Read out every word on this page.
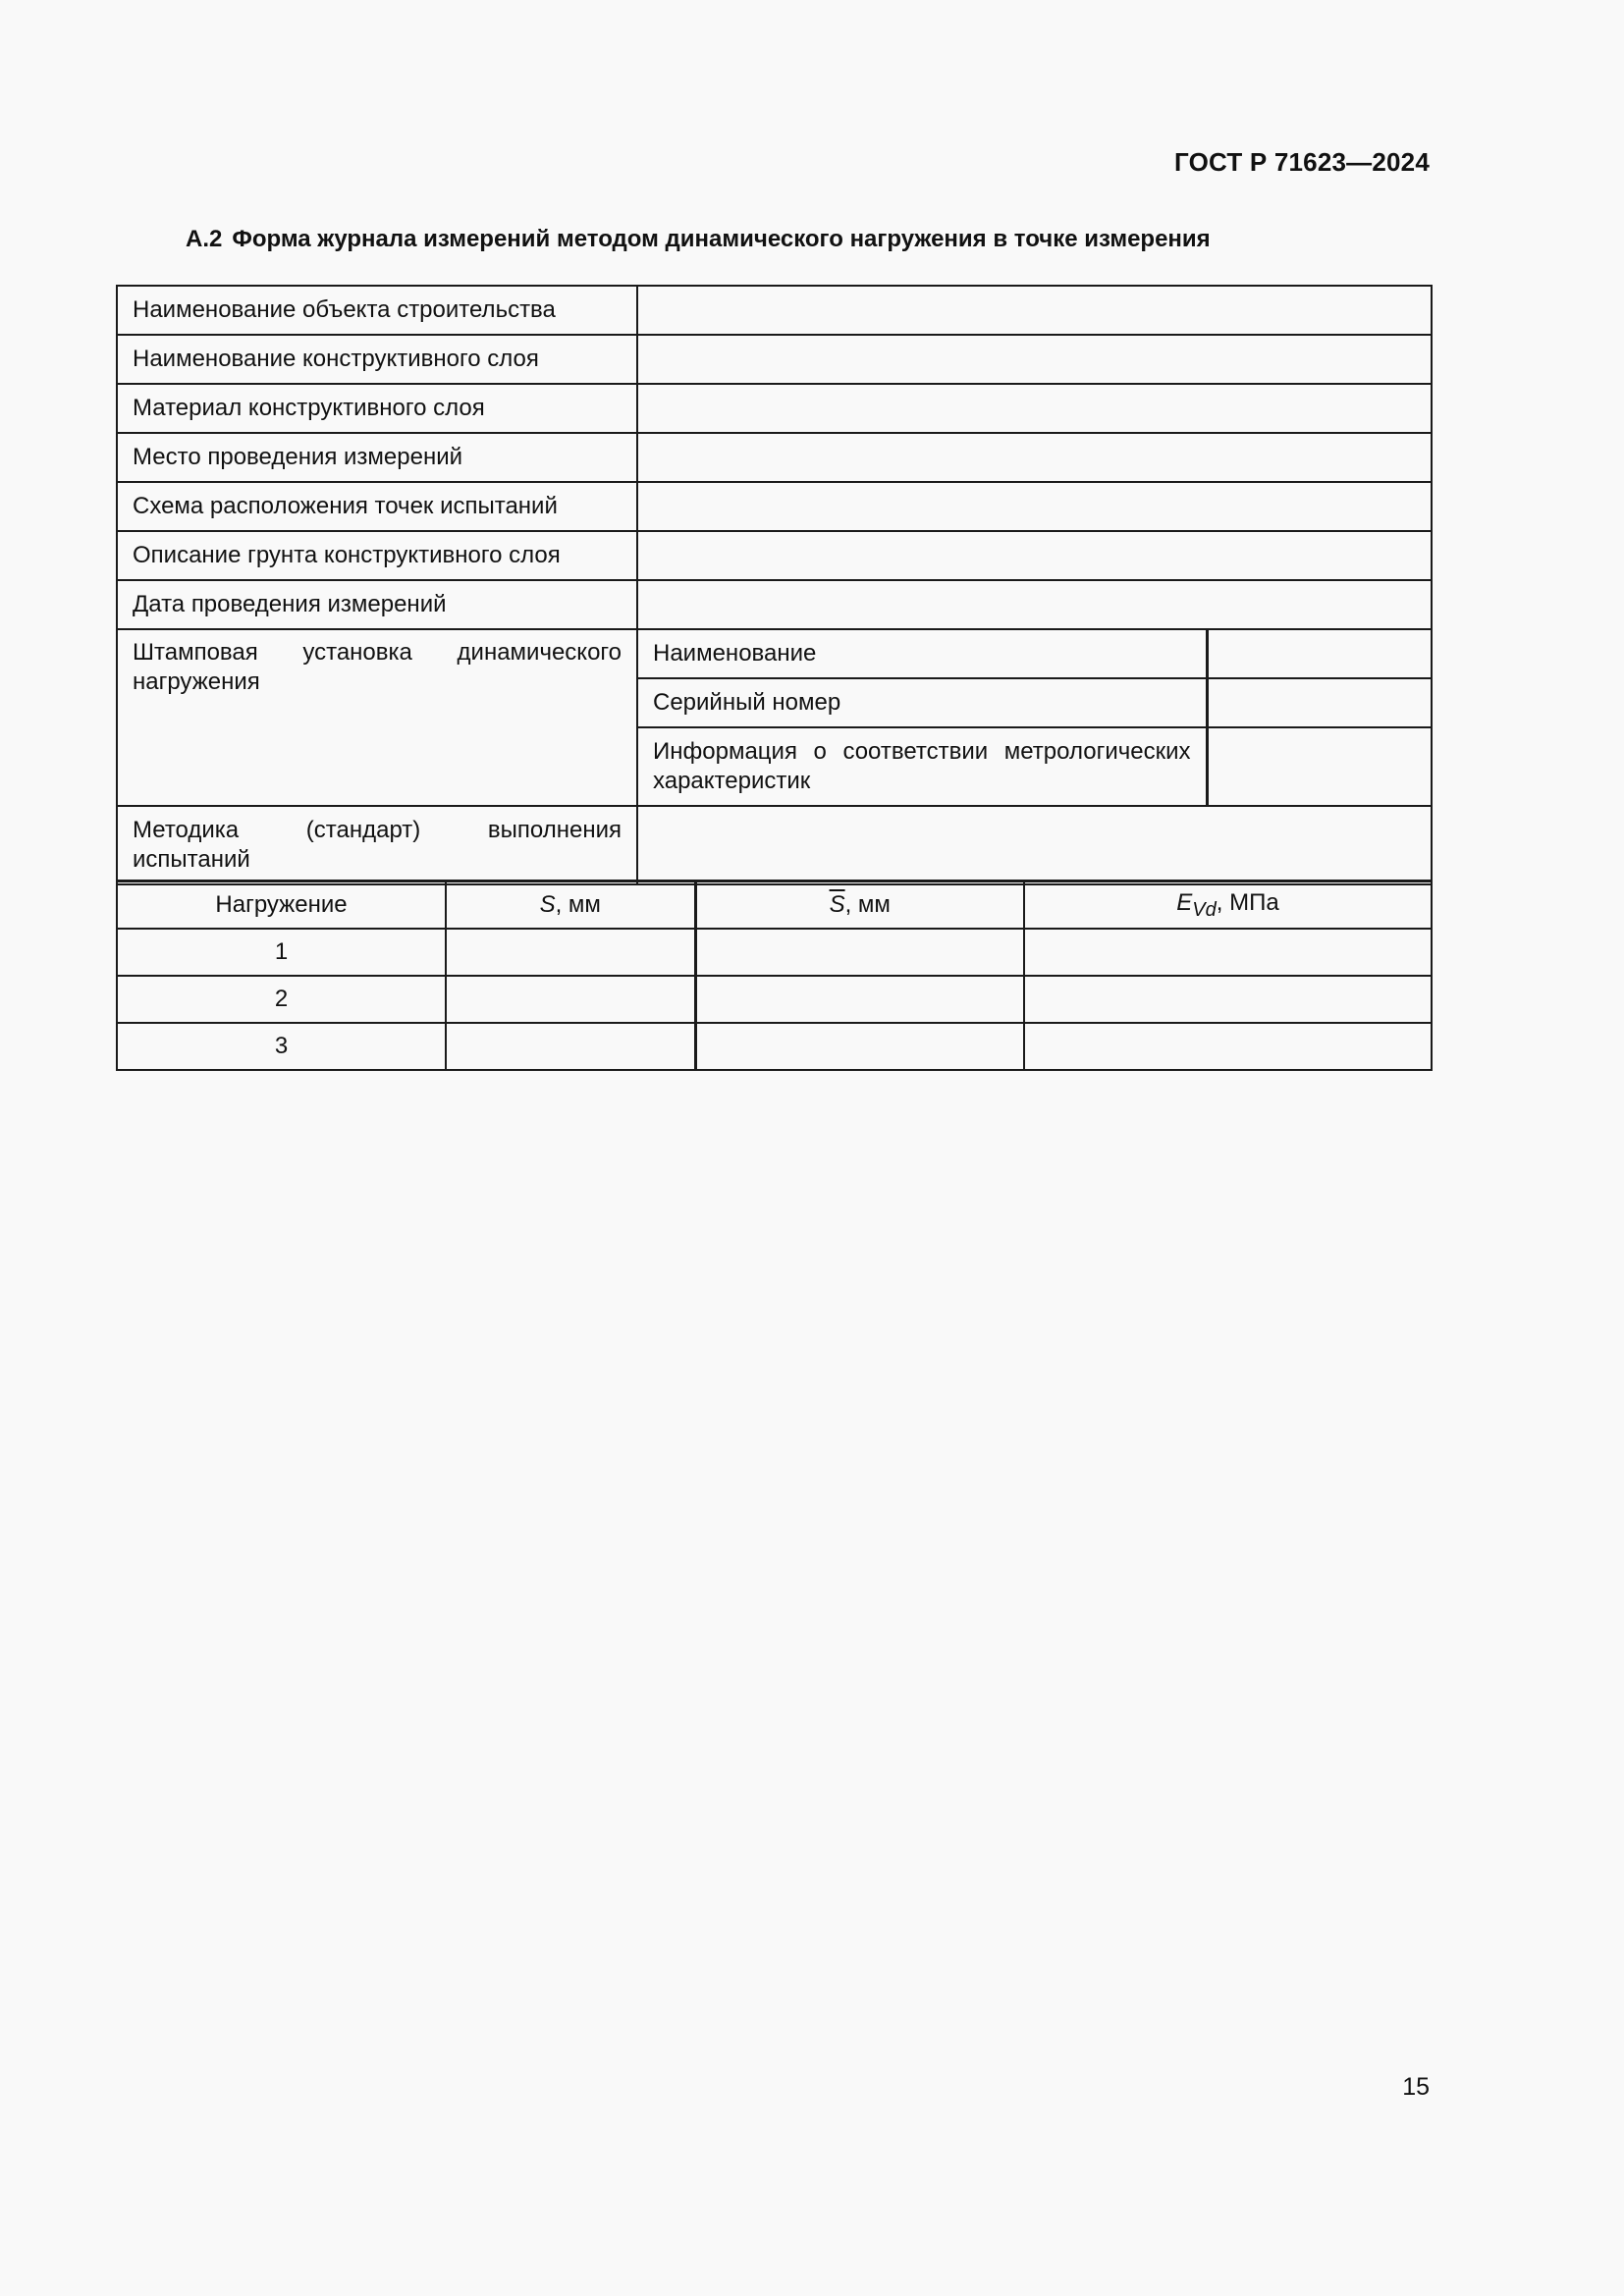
ГОСТ Р 71623—2024
А.2 Форма журнала измерений методом динамического нагружения в точке измерения
Наименование объекта строительства		
Наименование конструктивного слоя		
Материал конструктивного слоя		
Место проведения измерений		
Схема расположения точек испытаний		
Описание грунта конструктивного слоя		
Дата проведения измерений		
Штамповая установка динамического нагружения	Наименование	
	Серийный номер	
	Информация о соответствии метрологических характеристик	
Методика (стандарт) выполнения испытаний		
Нагружение	S, мм	$\overline{S}$, мм	$E_{Vd}$, МПа
1			
2			
3			
15
